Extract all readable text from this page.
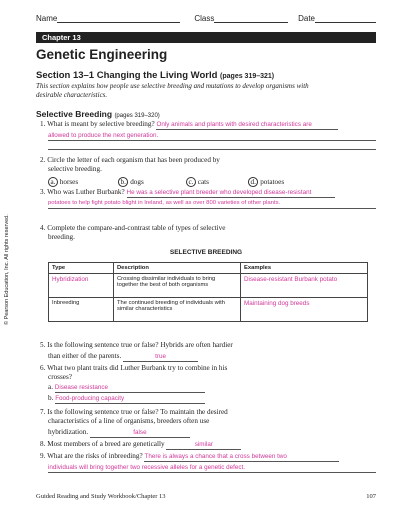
Name	Class	Date
Chapter 13
Genetic Engineering
Section 13–1 Changing the Living World (pages 319–321)
This section explains how people use selective breeding and mutations to develop organisms with desirable characteristics.
Selective Breeding (pages 319–320)
1. What is meant by selective breeding? Only animals and plants with desired characteristics are
allowed to produce the next generation.
2. Circle the letter of each organism that has been produced by
selective breeding.
a. horses	b. dogs	c. cats	d. potatoes
3. Who was Luther Burbank? He was a selective plant breeder who developed disease-resistant
potatoes to help fight potato blight in Ireland, as well as over 800 varieties of other plants.
4. Complete the compare-and-contrast table of types of selective
breeding.
SELECTIVE BREEDING
Type	Description	Examples
Hybridization	Crossing dissimilar individuals to bring together the best of both organisms	Disease-resistant Burbank potato
Inbreeding	The continued breeding of individuals with similar characteristics	Maintaining dog breeds
5. Is the following sentence true or false? Hybrids are often hardier
than either of the parents.	true
6. What two plant traits did Luther Burbank try to combine in his
crosses?
a. Disease resistance
b. Food-producing capacity
7. Is the following sentence true or false? To maintain the desired
characteristics of a line of organisms, breeders often use
hybridization.	false
8. Most members of a breed are genetically	similar
9. What are the risks of inbreeding? There is always a chance that a cross between two
individuals will bring together two recessive alleles for a genetic defect.
© Pearson Education, Inc. All rights reserved.
Guided Reading and Study Workbook/Chapter 13	107
